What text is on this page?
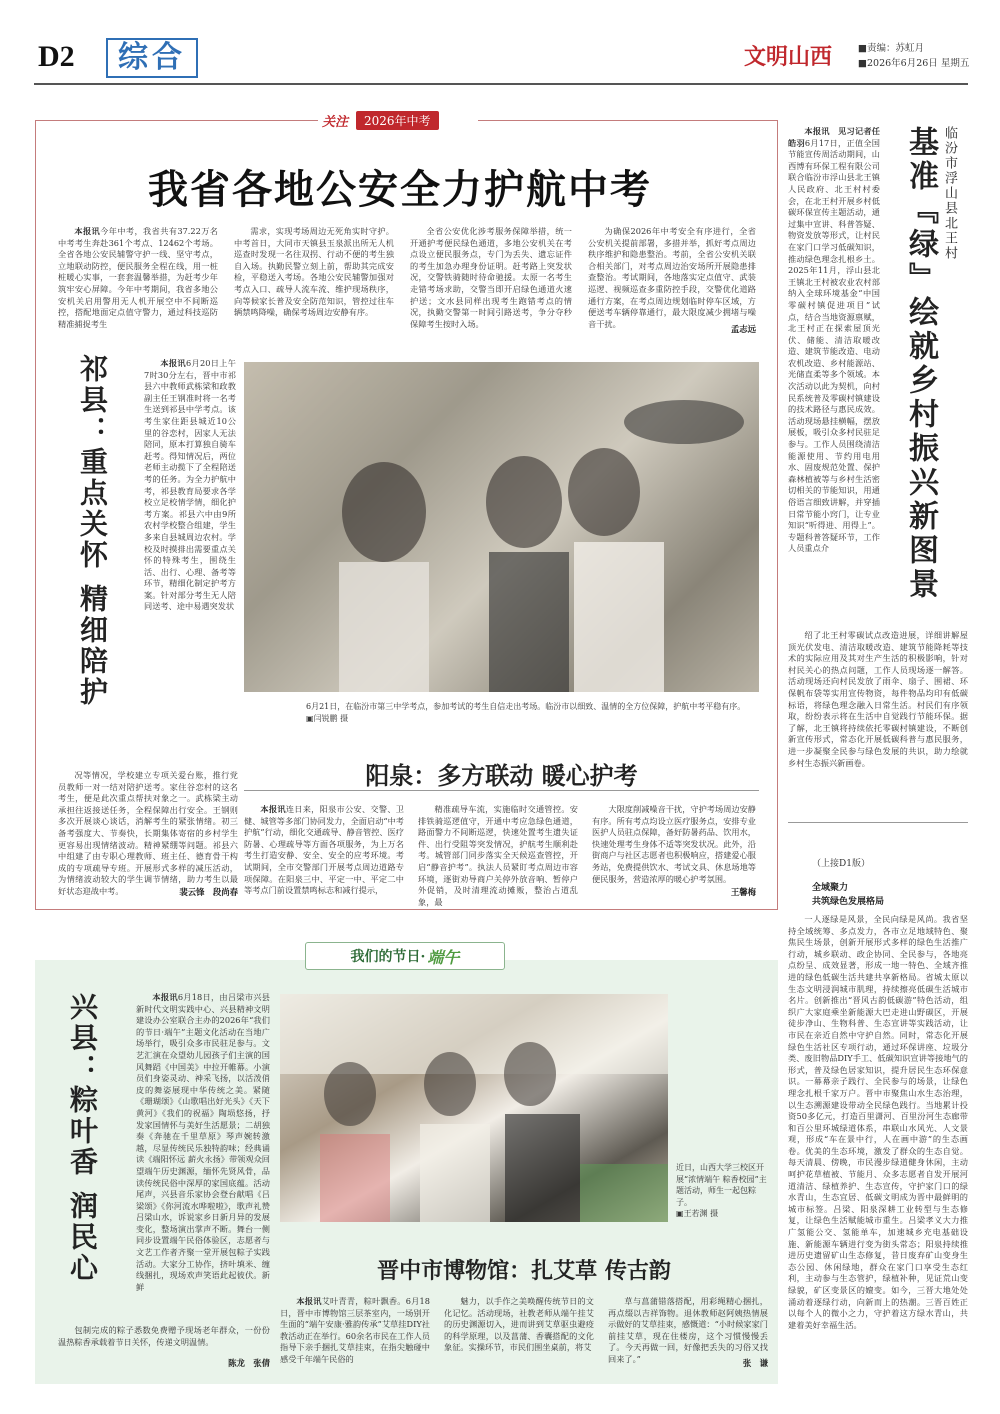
D2	综合	文明山西	■责编：苏虹月
■2026年6月26日 星期五
关注	2026年中考
我省各地公安全力护航中考

本报讯今年中考，我省共有37.22万名中考考生奔赴361个考点、12462个考场。全省各地公安民辅警守护一线、坚守考点，立地联动防控，便民服务全程在线，用一桩桩暖心实事，一套套温馨举措，为赶考少年筑牢安心屏障。今年中考期间，我省多地公安机关启用警用无人机开展空中不间断巡控，搭配地面定点值守警力，通过科技巡防精准捕捉考生

需求，实现考场周边无死角实时守护。中考首日，大同市天镇县玉泉派出所无人机巡查时发现一名往双拐、行动不便的考生独自入场。执勤民警立刻上前，帮助其完成安检，平稳送入考场。各地公安民辅警加强对考点入口、疏导人流车流、维护现场秩序，向等候家长普及安全防范知识，管控过往车辆禁鸣降噪，确保考场周边安静有序。

全省公安优化涉考服务保障举措，统一开通护考便民绿色通道，多地公安机关在考点设立便民服务点，专门为丢失、遗忘证件的考生加急办理身份证明。赶考路上突发状况，交警铁骑随时待命驰援。太原一名考生走错考场求助，交警当即开启绿色通道火速护送；文水县同样出现考生跑错考点的情况，执勤交警第一时间引路送考，争分夺秒保障考生按时入场。

为确保2026年中考安全有序进行，全省公安机关提前部署，多措并举，抓好考点周边秩序维护和隐患整治。考前，全省公安机关联合相关部门，对考点周边治安场所开展隐患排查整治。考试期间，各地落实定点值守、武装巡逻、视频巡查多重防控手段，交警优化道路通行方案，在考点周边规划临时停车区域，方便送考车辆停靠通行，最大限度减少拥堵与噪音干扰。

孟志远
祁县：重点关怀 精细陪护	本报讯6月20日上午7时30分左右，晋中市祁县六中教师武栋梁和政教副主任王钢准时将一名考生送到祁县中学考点。该考生家住距县城近10公里的谷恋村，因家人无法陪同，原本打算独自骑车赶考。得知情况后，两位老师主动揽下了全程陪送考的任务。为全力护航中考，祁县教育局要求各学校立足校情学情，细化护考方案。祁县六中由9所农村学校整合组建，学生多来自县城周边农村。学校及时摸排出需要重点关怀的特殊考生，围绕生活、出行、心理、备考等环节，精细化制定护考方案。针对部分考生无人陪同送考、途中易遇突发状

况等情况，学校建立专项关爱台账，推行党员教师一对一结对陪护送考。家住谷恋村的这名考生，便是此次重点帮扶对象之一。武栋梁主动承担往返接送任务，全程保障出行安全。王钢则多次开展谈心谈话，消解考生的紧张情绪。初三备考强度大、节奏快，长期集体寄宿的乡村学生更容易出现情绪波动。精神紧绷等问题。祁县六中组建了由专职心理教师、班主任、德育骨干构成的专项疏导专班。开展形式多样的减压活动，为情绪波动较大的学生调节情绪，助力考生以最好状态迎战中考。	裴云锋　段尚春
6月21日，在临汾市第三中学考点，参加考试的考生自信走出考场。临汾市以细致、温情的全方位保障，护航中考平稳有序。　▣闫锐鹏 摄
阳泉：多方联动 暖心护考

本报讯连日来，阳泉市公安、交警、卫健、城管等多部门协同发力，全面启动“中考护航”行动，细化交通疏导、静音管控、医疗防暑、心理疏导等方面各项服务，为上万名考生打造安静、安全、安全的应考环境。考试期间，全市交警部门开展考点周边道路专项保障。在阳泉三中、平定一中、平定二中等考点门前设置禁鸣标志和减行提示，

精准疏导车流，实施临时交通管控。安排铁骑巡逻值守，开通中考应急绿色通道，路面警力不间断巡逻，快速处置考生遗失证件、出行受阻等突发情况，护航考生顺利赴考。城管部门同步落实全天候巡查管控，开启“静音护考”。执法人员紧盯考点周边市容环境，逐街劝导商户关停外放音响、暂停户外促销，及时清理流动摊贩，整治占道乱象，最

大限度削减噪音干扰，守护考场周边安静有序。所有考点均设立医疗服务点，安排专业医护人员驻点保障，备好防暑药品、饮用水，快速处理考生身体不适等突发状况。此外，沿街商户与社区志愿者也积极响应，搭建爱心服务站，免费提供饮水、考试文具、休息场地等便民服务，营造浓厚的暖心护考氛围。

王馨梅
临汾市浮山县北王村
基准『绿』绘就乡村振兴新图景

本报讯　见习记者任皓羽6月17日，正值全国节能宣传周活动期间，山西博有环保工程有限公司联合临汾市浮山县北王镇人民政府、北王村村委会，在北王村开展乡村低碳环保宣传主题活动，通过集中宣讲、科普答疑、物资发放等形式，让村民在家门口学习低碳知识，推动绿色理念扎根乡土。2025年11月，浮山县北王镇北王村被农业农村部纳入全球环境基金“中国零碳村镇促进项目”试点，结合当地资源禀赋，北王村正在探索屋顶光伏、储能、清洁取暖改造、建筑节能改造、电动农机改造、乡村能源站、光储直柔等多个领域。本次活动以此为契机，向村民系统普及零碳村镇建设的技术路径与惠民成效。活动现场悬挂横幅，摆放展板，吸引众多村民驻足参与。工作人员围绕清洁能源使用、节约用电用水、固废规范处置、保护森林植被等与乡村生活密切相关的节能知识，用通俗语言细致讲解，并穿插日常节能小窍门，让专业知识“听得进、用得上”。专题科普答疑环节，工作人员重点介

绍了北王村零碳试点改造进展，详细讲解屋顶光伏发电、清洁取暖改造、建筑节能降耗等技术的实际应用及其对生产生活的积极影响，针对村民关心的热点问题，工作人员现场逐一解答。活动现场还向村民发放了雨伞、扇子、围裙、环保帆布袋等实用宣传物资，每件物品均印有低碳标语，将绿色理念融入日常生活。村民们有序领取，纷纷表示将在生活中自觉践行节能环保。据了解，北王镇将持续依托零碳村镇建设，不断创新宣传形式，常态化开展低碳科普与惠民服务，进一步凝聚全民参与绿色发展的共识，助力绘就乡村生态振兴新画卷。

（上接D1版）
全域聚力
共筑绿色发展格局

一人逐绿是风景，全民向绿是风尚。我省坚持全域统筹、多点发力，各市立足地域特色、聚焦民生场景，创新开展形式多样的绿色生活推广行动，城乡联动、政企协同、全民参与，各地亮点纷呈、成效显著，形成一地一特色、全域齐推进的绿色低碳生活共建共享新格局。省城太原以生态文明浸润城市肌理，持续擦亮低碳生活城市名片。创新推出“晋风古韵低碳游”特色活动，组织广大家庭乘坐新能源大巴走进山野碳区，开展徒步净山、生物科普、生态宣讲等实践活动，让市民在亲近自然中守护自然。同时，常态化开展绿色生活社区专项行动，通过环保讲座、垃圾分类、废旧物品DIY手工、低碳知识宣讲等接地气的形式，普及绿色居家知识，提升居民生态环保意识。一幕幕亲子践行、全民参与的场景，让绿色理念扎根千家万户。晋中市聚焦山水生态治理，以生态溯源建设带动全民绿色践行。当地累计投资50多亿元，打造百里潇河、百里汾河生态廊带和百公里环城绿道体系，串联山水风光、人文景观，形成“车在景中行，人在画中游”的生态画卷。优美的生态环境，激发了群众的生态自觉。每天清晨、傍晚，市民漫步绿道健身休闲，主动呵护花草植被、节能月、众多志愿者自发开展河道清洁、绿植养护、生态宣传，守护家门口的绿水青山，生态宜居、低碳文明成为晋中最鲜明的城市标签。吕梁、阳泉深耕工业转型与生态修复，让绿色生活赋能城市重生。吕梁孝义大力推广氢能公交、氢能单车，加速城乡充电基础设施、新能源车辆进行变为街头常态；阳泉持续推进历史遗留矿山生态修复，昔日废弃矿山变身生态公园、休闲绿地，群众在家门口享受生态红利，主动参与生态管护，绿植补种，见证荒山变绿貌，矿区变景区的嬗变。如今，三晋大地处处涌动着逐绿行动，向新而上的热潮。三晋百姓正以每个人的微小之力，守护着这方绿水青山，共建着美好幸福生活。

我们的节日· 端午
兴县：粽叶香 润民心	本报讯6月18日，由吕梁市兴县新时代文明实践中心、兴县精神文明建设办公室联合主办的2026年“我们的节日·端午”主题文化活动在当地广场举行，吸引众多市民驻足参与。文艺汇演在众望幼儿园孩子们主演的国风舞蹈《中国美》中拉开帷幕。小演员们身姿灵动、神采飞扬，以活泼俏皮的舞姿展现中华传统之美。紧随《珊瑚颂》《山歌唱出好光头》《天下黄河》《我们的祝福》陶埙悠扬，抒发家国情怀与美好生活愿景；二胡独奏《奔驰在千里草原》琴声婉转激越，尽显传统民乐独特韵味；经典诵读《端阳怀远 薪火永扬》带领观众回望端午历史渊源，缅怀先贤风骨，品读传统民俗中深厚的家国底蕴。活动尾声，兴县音乐家协会登台献唱《吕梁颂》《你河流水哗啦啦》，歌声礼赞吕梁山水，诉说家乡日新月异的发展变化，整场演出掌声不断。舞台一侧同步设置端午民俗体验区，志愿者与文艺工作者齐聚一堂开展包粽子实践活动。大家分工协作，挤叶填米、缠线捆扎，现场欢声笑语此起彼伏。新鲜

包制完成的粽子悉数免费赠予现场老年群众，一份份温热粽香承载着节日关怀，传递文明温情。

陈龙　张倩
近日，山西大学三校区开展“浓情端午 粽香校园”主题活动，师生一起包粽子。
▣王若渊 摄
晋中市博物馆：扎艾草 传古韵

本报讯艾叶青青，粽叶飘香。6月18日，晋中市博物馆三层茶室内，一场别开生面的“端午安康·雅韵传承”艾草挂DIY社教活动正在举行。60余名市民在工作人员指导下亲手捆扎艾草挂束，在指尖触碰中感受千年端午民俗的

魅力，以手作之美唤醒传统节日的文化记忆。活动现场，社教老师从端午挂艾的历史渊源切入，进而讲到艾草驱虫避疫的科学原理，以及菖蒲、香囊搭配的文化象征。实操环节，市民们围坐桌前，将艾

草与菖蒲错落搭配，用彩绳精心捆扎，再点缀以吉祥饰物。退休教师赵阿姨热情展示做好的艾草挂束，感慨道：“小时候家家门前挂艾草，现在住楼房，这个习惯慢慢丢了。今天再做一回，好像把丢失的习俗又找回来了。”	张　谦
